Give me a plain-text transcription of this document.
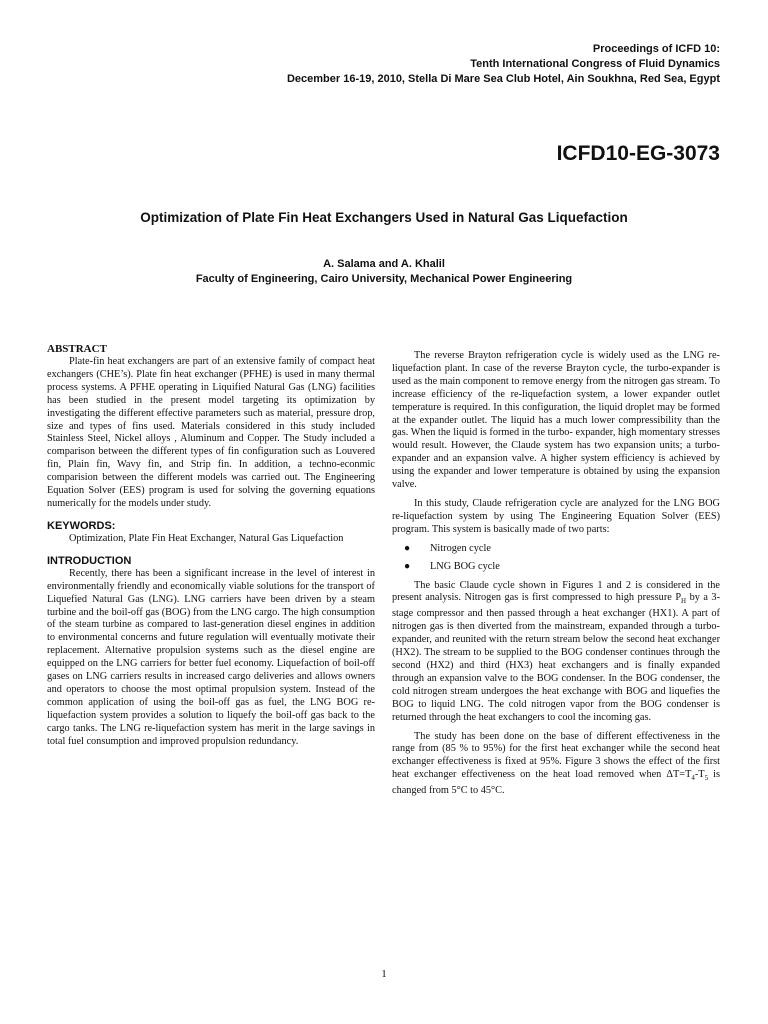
Proceedings of ICFD 10:
Tenth International Congress of Fluid Dynamics
December 16-19, 2010, Stella Di Mare Sea Club Hotel, Ain Soukhna, Red Sea, Egypt
ICFD10-EG-3073
Optimization of Plate Fin Heat Exchangers Used in Natural Gas Liquefaction
A. Salama and A. Khalil
Faculty of Engineering, Cairo University, Mechanical Power Engineering
ABSTRACT

Plate-fin heat exchangers are part of an extensive family of compact heat exchangers (CHE’s). Plate fin heat exchanger (PFHE) is used in many thermal process systems. A PFHE operating in Liquified Natural Gas (LNG) facilities has been studied in the present model targeting its optimization by investigating the different effective parameters such as material, pressure drop, size and types of fins used. Materials considered in this study included Stainless Steel, Nickel alloys , Aluminum and Copper. The Study included a comparison between the different types of fin configuration such as Louvered fin, Plain fin, Wavy fin, and Strip fin. In addition, a techno-econmic comparision between the different models was carried out. The Engineering Equation Solver (EES) program is used for solving the governing equations numerically for the models under study.

KEYWORDS:

Optimization, Plate Fin Heat Exchanger, Natural Gas Liquefaction

INTRODUCTION

Recently, there has been a significant increase in the level of interest in environmentally friendly and economically viable solutions for the transport of Liquefied Natural Gas (LNG). LNG carriers have been driven by a steam turbine and the boil-off gas (BOG) from the LNG cargo. The high consumption of the steam turbine as compared to last-generation diesel engines in addition to environmental concerns and future regulation will eventually motivate their replacement. Alternative propulsion systems such as the diesel engine are equipped on the LNG carriers for better fuel economy. Liquefaction of boil-off gases on LNG carriers results in increased cargo deliveries and allows owners and operators to choose the most optimal propulsion system. Instead of the common application of using the boil-off gas as fuel, the LNG BOG re-liquefaction system provides a solution to liquefy the boil-off gas back to the cargo tanks. The LNG re-liquefaction system has merit in the large savings in total fuel consumption and improved propulsion redundancy.

The reverse Brayton refrigeration cycle is widely used as the LNG re-liquefaction plant. In case of the reverse Brayton cycle, the turbo-expander is used as the main component to remove energy from the nitrogen gas stream. To increase efficiency of the re-liquefaction system, a lower expander outlet temperature is required. In this configuration, the liquid droplet may be formed at the expander outlet. The liquid has a much lower compressibility than the gas. When the liquid is formed in the turbo- expander, high momentary stresses would result. However, the Claude system has two expansion units; a turbo-expander and an expansion valve. A higher system efficiency is achieved by using the expander and lower temperature is obtained by using the expansion valve.

In this study, Claude refrigeration cycle are analyzed for the LNG BOG re-liquefaction system by using The Engineering Equation Solver (EES) program. This system is basically made of two parts:

●	Nitrogen cycle
●	LNG BOG cycle

The basic Claude cycle shown in Figures 1 and 2 is considered in the present analysis. Nitrogen gas is first compressed to high pressure $P_H$ by a 3-stage compressor and then passed through a heat exchanger (HX1). A part of nitrogen gas is then diverted from the mainstream, expanded through a turbo-expander, and reunited with the return stream below the second heat exchanger (HX2). The stream to be supplied to the BOG condenser continues through the second (HX2) and third (HX3) heat exchangers and is finally expanded through an expansion valve to the BOG condenser. In the BOG condenser, the cold nitrogen stream undergoes the heat exchange with BOG and liquefies the BOG to liquid LNG. The cold nitrogen vapor from the BOG condenser is returned through the heat exchangers to cool the incoming gas.

The study has been done on the base of different effectiveness in the range from (85 % to 95%) for the first heat exchanger while the second heat exchanger effectiveness is fixed at 95%. Figure 3 shows the effect of the first heat exchanger effectiveness on the heat load removed when $\Delta T=T_4-T_5$ is changed from 5°C to 45°C.

1
